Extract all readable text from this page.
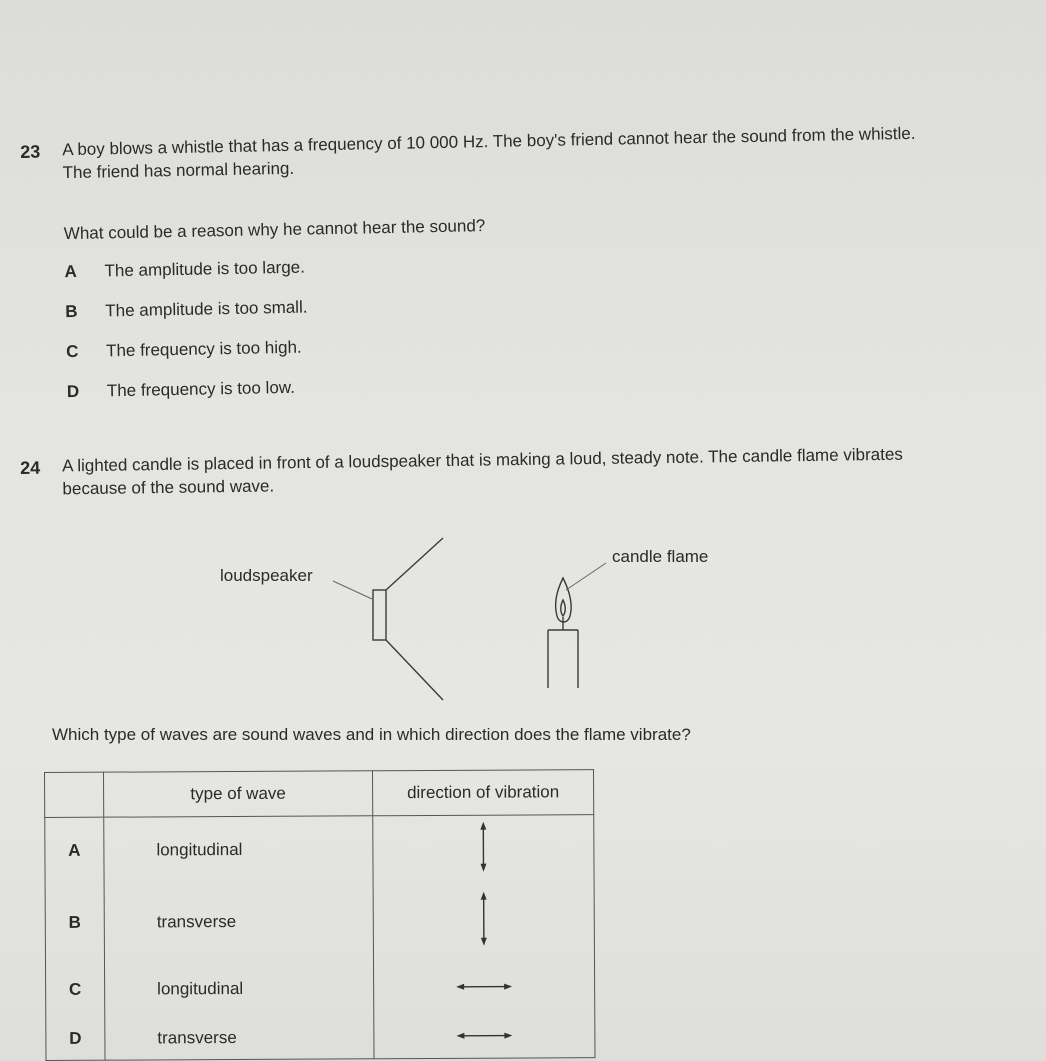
23 A boy blows a whistle that has a frequency of 10 000 Hz. The boy's friend cannot hear the sound from the whistle. The friend has normal hearing.
What could be a reason why he cannot hear the sound?
A The amplitude is too large.
B The amplitude is too small.
C The frequency is too high.
D The frequency is too low.
24 A lighted candle is placed in front of a loudspeaker that is making a loud, steady note. The candle flame vibrates because of the sound wave.
loudspeaker
candle flame
Which type of waves are sound waves and in which direction does the flame vibrate?
	type of wave	direction of vibration
A	longitudinal	
B	transverse	
C	longitudinal	
D	transverse	
